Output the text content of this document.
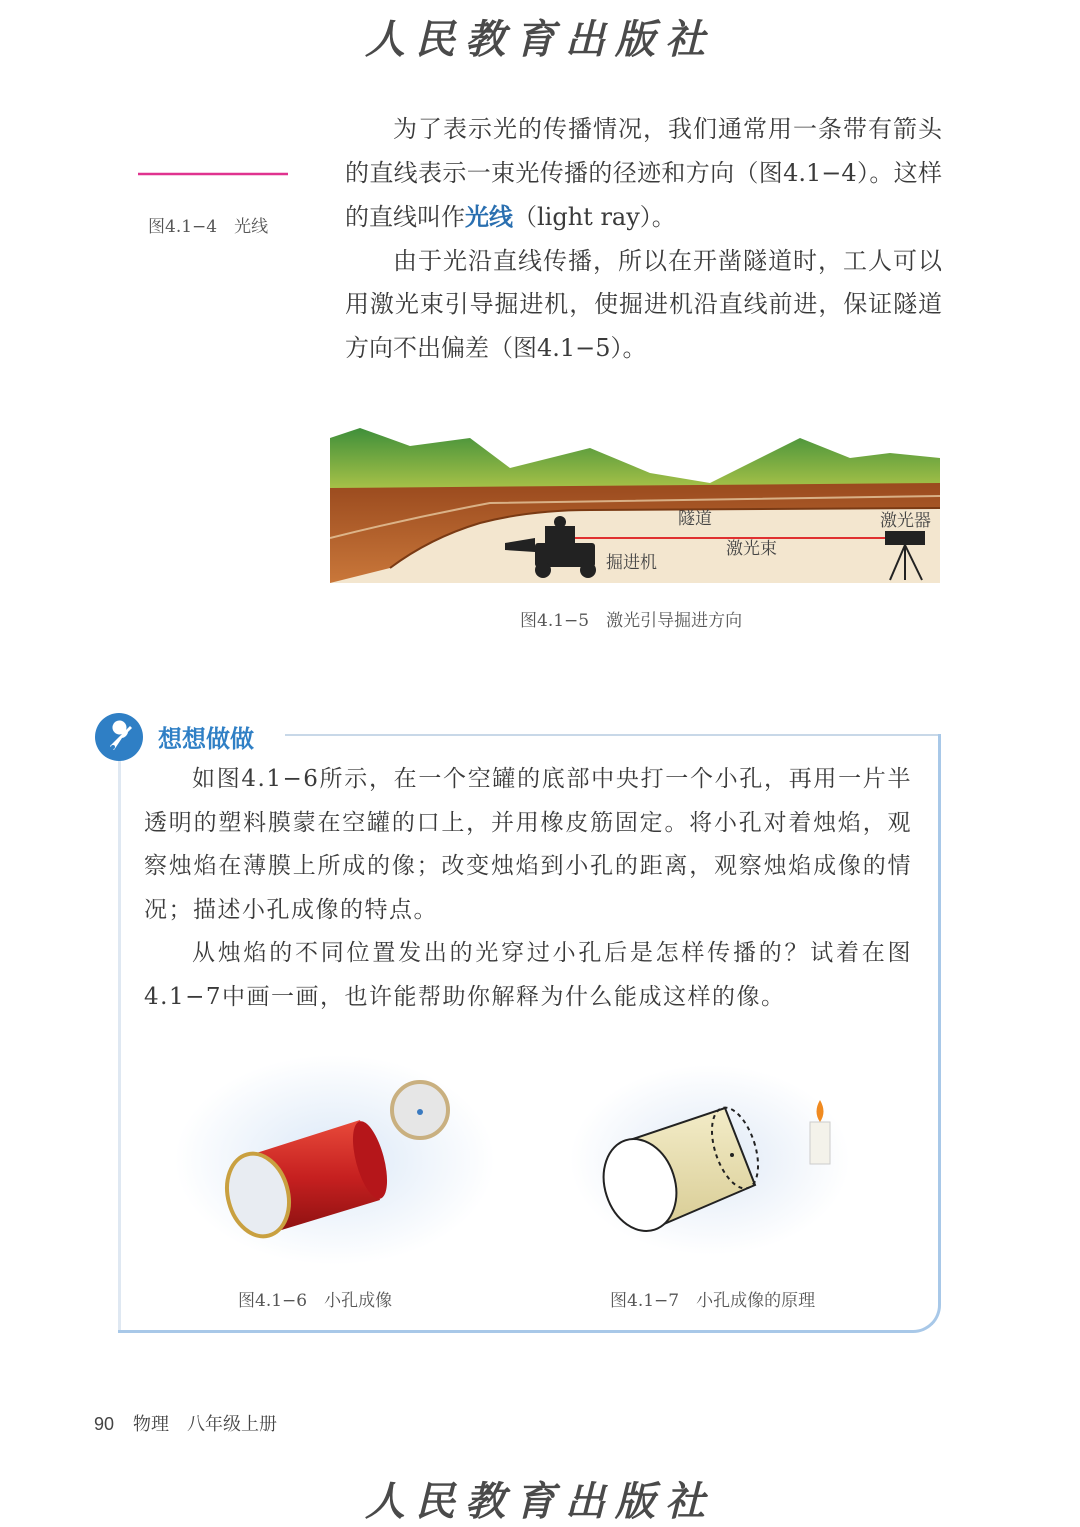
人民教育出版社
图4.1−4　光线
为了表示光的传播情况，我们通常用一条带有箭头的直线表示一束光传播的径迹和方向（图4.1−4）。这样的直线叫作光线（light ray）。
由于光沿直线传播，所以在开凿隧道时，工人可以用激光束引导掘进机，使掘进机沿直线前进，保证隧道方向不出偏差（图4.1−5）。
隧道	激光器
激光束
掘进机
图4.1−5　激光引导掘进方向
想想做做
如图4.1−6所示，在一个空罐的底部中央打一个小孔，再用一片半透明的塑料膜蒙在空罐的口上，并用橡皮筋固定。将小孔对着烛焰，观察烛焰在薄膜上所成的像；改变烛焰到小孔的距离，观察烛焰成像的情况；描述小孔成像的特点。
从烛焰的不同位置发出的光穿过小孔后是怎样传播的？试着在图4.1−7中画一画，也许能帮助你解释为什么能成这样的像。
图4.1−6　小孔成像	图4.1−7　小孔成像的原理
90 物理　八年级上册
人民教育出版社
